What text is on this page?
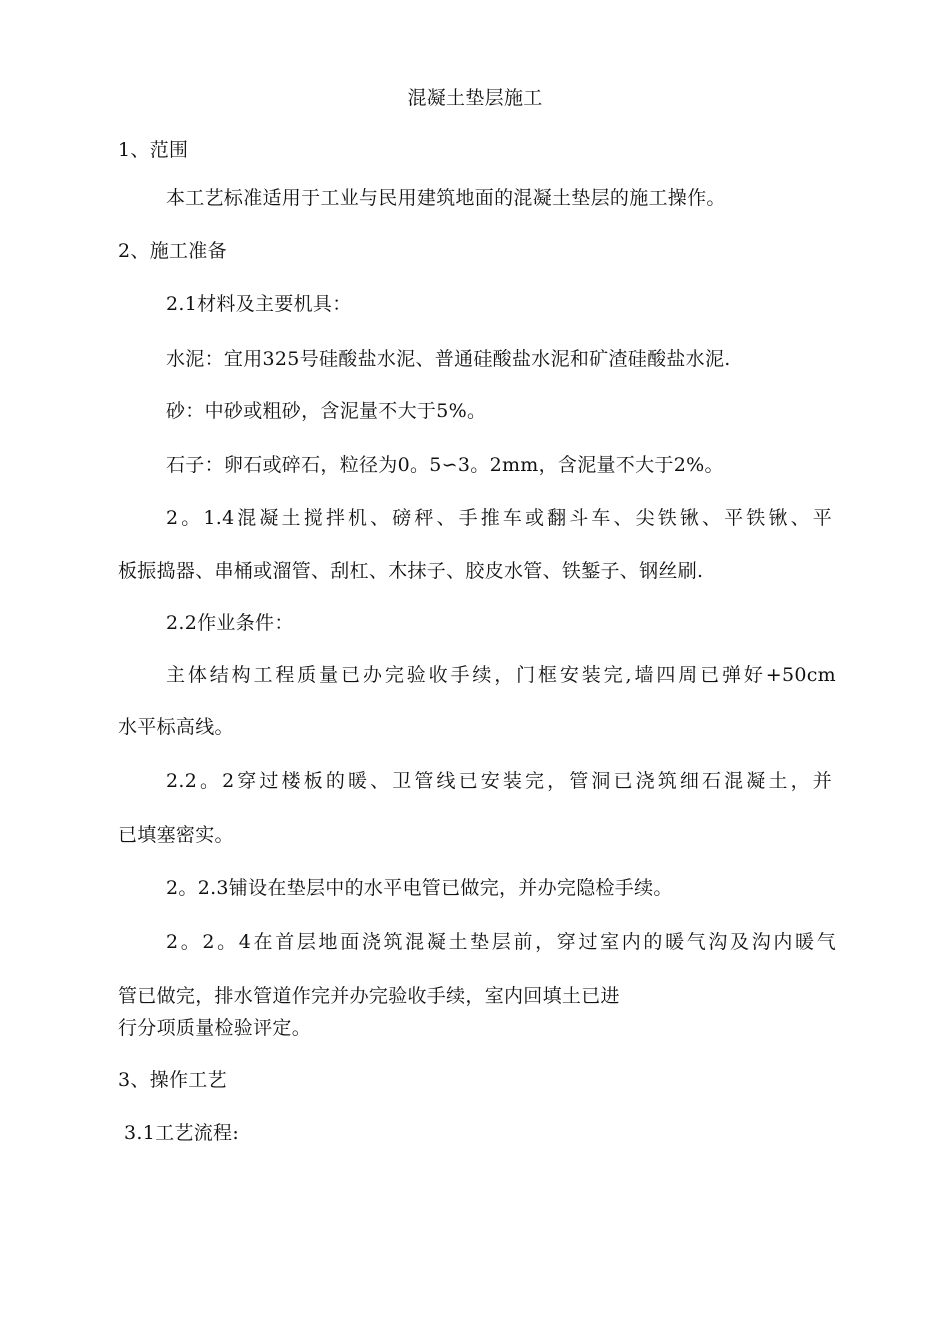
混凝土垫层施工
1、范围
本工艺标准适用于工业与民用建筑地面的混凝土垫层的施工操作。
2、施工准备
2.1材料及主要机具：
水泥：宜用325号硅酸盐水泥、普通硅酸盐水泥和矿渣硅酸盐水泥.
砂：中砂或粗砂，含泥量不大于5%。
石子：卵石或碎石，粒径为0。5∽3。2mm，含泥量不大于2%。
2。1.4混凝土搅拌机、磅秤、手推车或翻斗车、尖铁锹、平铁锹、平
板振捣器、串桶或溜管、刮杠、木抹子、胶皮水管、铁錾子、钢丝刷.
2.2作业条件：
主体结构工程质量已办完验收手续，门框安装完,墙四周已弹好+50cm
水平标高线。
2.2。2穿过楼板的暖、卫管线已安装完，管洞已浇筑细石混凝土，并
已填塞密实。
2。2.3铺设在垫层中的水平电管已做完，并办完隐检手续。
2。2。4在首层地面浇筑混凝土垫层前，穿过室内的暖气沟及沟内暖气
管已做完，排水管道作完并办完验收手续，室内回填土已进
行分项质量检验评定。
3、操作工艺
3.1工艺流程:
